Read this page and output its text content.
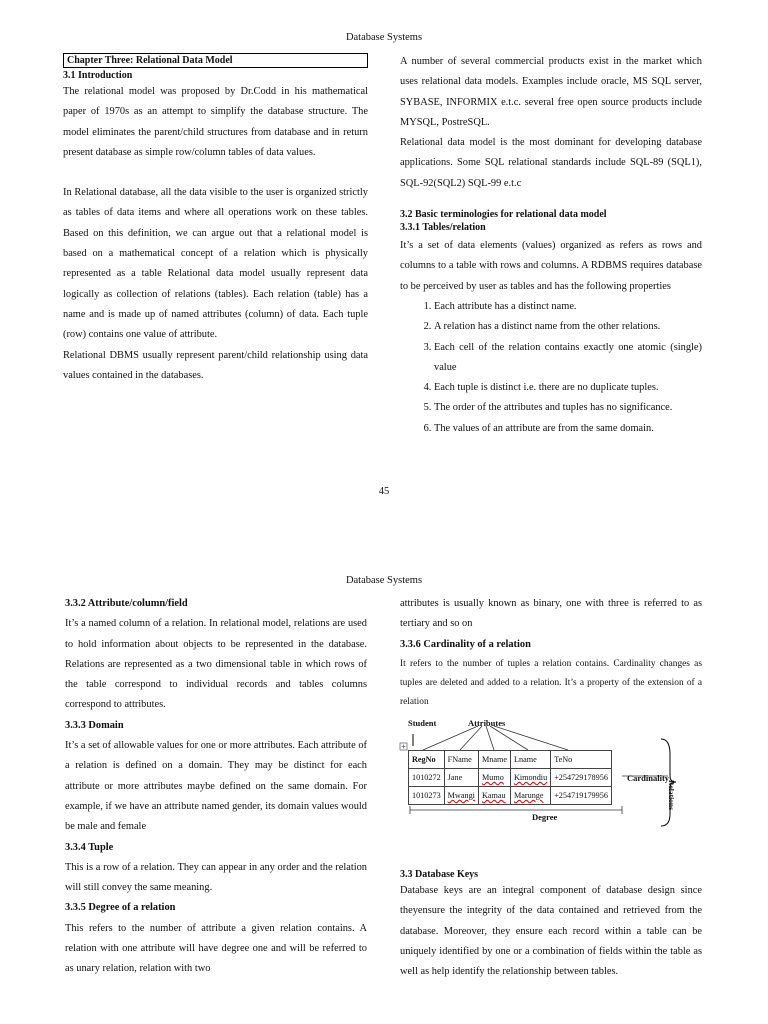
Database Systems
Chapter Three: Relational Data Model
3.1 Introduction

The relational model was proposed by Dr.Codd in his mathematical paper of 1970s as an attempt to simplify the database structure. The model eliminates the parent/child structures from database and in return present database as simple row/column tables of data values.

In Relational database, all the data visible to the user is organized strictly as tables of data items and where all operations work on these tables. Based on this definition, we can argue out that a relational model is based on a mathematical concept of a relation which is physically represented as a table Relational data model usually represent data logically as collection of relations (tables). Each relation (table) has a name and is made up of named attributes (column) of data. Each tuple (row) contains one value of attribute.

Relational DBMS usually represent parent/child relationship using data values contained in the databases.

A number of several commercial products exist in the market which uses relational data models. Examples include oracle, MS SQL server, SYBASE, INFORMIX e.t.c. several free open source products include MYSQL, PostreSQL.

Relational data model is the most dominant for developing database applications. Some SQL relational standards include SQL-89 (SQL1), SQL-92(SQL2) SQL-99 e.t.c

3.2 Basic terminologies for relational data model
3.3.1 Tables/relation

It’s a set of data elements (values) organized as refers as rows and columns to a table with rows and columns. A RDBMS requires database to be perceived by user as tables and has the following properties

1. Each attribute has a distinct name.
2. A relation has a distinct name from the other relations.
3. Each cell of the relation contains exactly one atomic (single) value
4. Each tuple is distinct i.e. there are no duplicate tuples.
5. The order of the attributes and tuples has no significance.
6. The values of an attribute are from the same domain.
45
Database Systems
3.3.2 Attribute/column/field

It’s a named column of a relation. In relational model, relations are used to hold information about objects to be represented in the database. Relations are represented as a two dimensional table in which rows of the table correspond to individual records and tables columns correspond to attributes.

3.3.3 Domain

It’s a set of allowable values for one or more attributes. Each attribute of a relation is defined on a domain. They may be distinct for each attribute or more attributes maybe defined on the same domain. For example, if we have an attribute named gender, its domain values would be male and female

3.3.4 Tuple

This is a row of a relation. They can appear in any order and the relation will still convey the same meaning.

3.3.5 Degree of a relation

This refers to the number of attribute a given relation contains. A relation with one attribute will have degree one and will be referred to as unary relation, relation with two

attributes is usually known as binary, one with three is referred to as tertiary and so on

3.3.6 Cardinality of a relation

It refers to the number of tuples a relation contains. Cardinality changes as tuples are deleted and added to a relation. It’s a property of the extension of a relation

Student	Attributes
RegNo	FName	Mname	Lname	TeNo
1010272	Jane	Mumo	Kimondiu	+254729178956
1010273	Mwangi	Kamau	Marunge	+254719179956
Cardinality
Relations
Degree
3.3 Database Keys

Database keys are an integral component of database design since theyensure the integrity of the data contained and retrieved from the database. Moreover, they ensure each record within a table can be uniquely identified by one or a combination of fields within the table as well as help identify the relationship between tables.
